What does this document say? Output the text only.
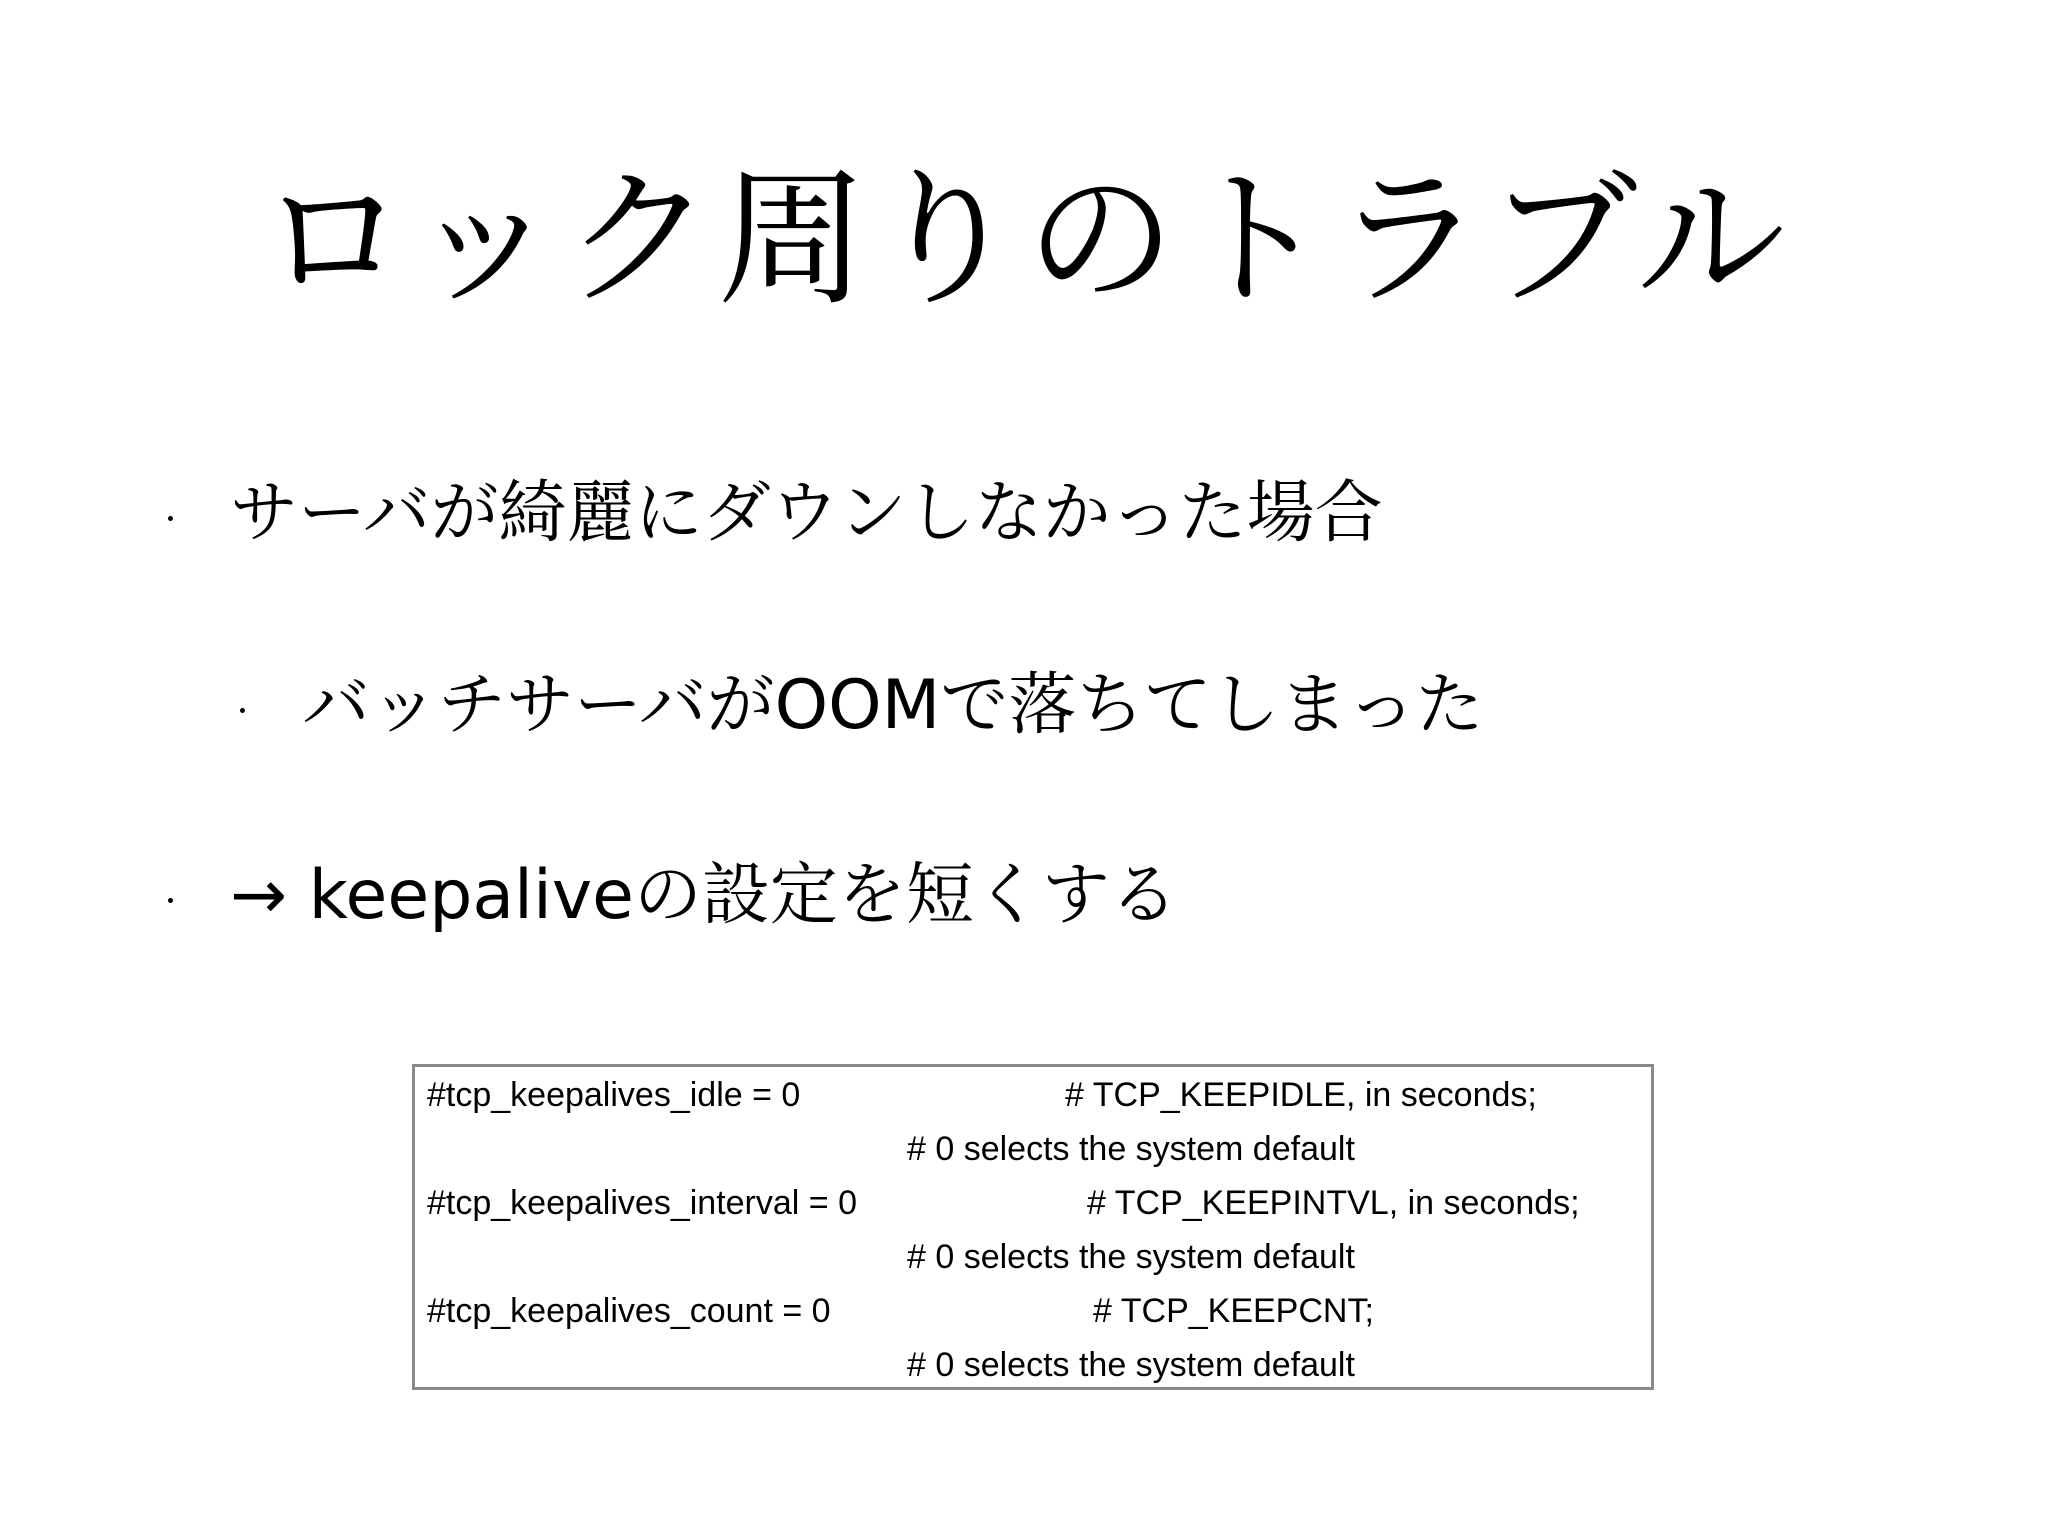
ロック周りのトラブル
サーバが綺麗にダウンしなかった場合
バッチサーバがOOMで落ちてしまった
→ keepaliveの設定を短くする
#tcp_keepalives_idle = 0	# TCP_KEEPIDLE, in seconds;
# 0 selects the system default
#tcp_keepalives_interval = 0	# TCP_KEEPINTVL, in seconds;
# 0 selects the system default
#tcp_keepalives_count = 0	# TCP_KEEPCNT;
# 0 selects the system default
